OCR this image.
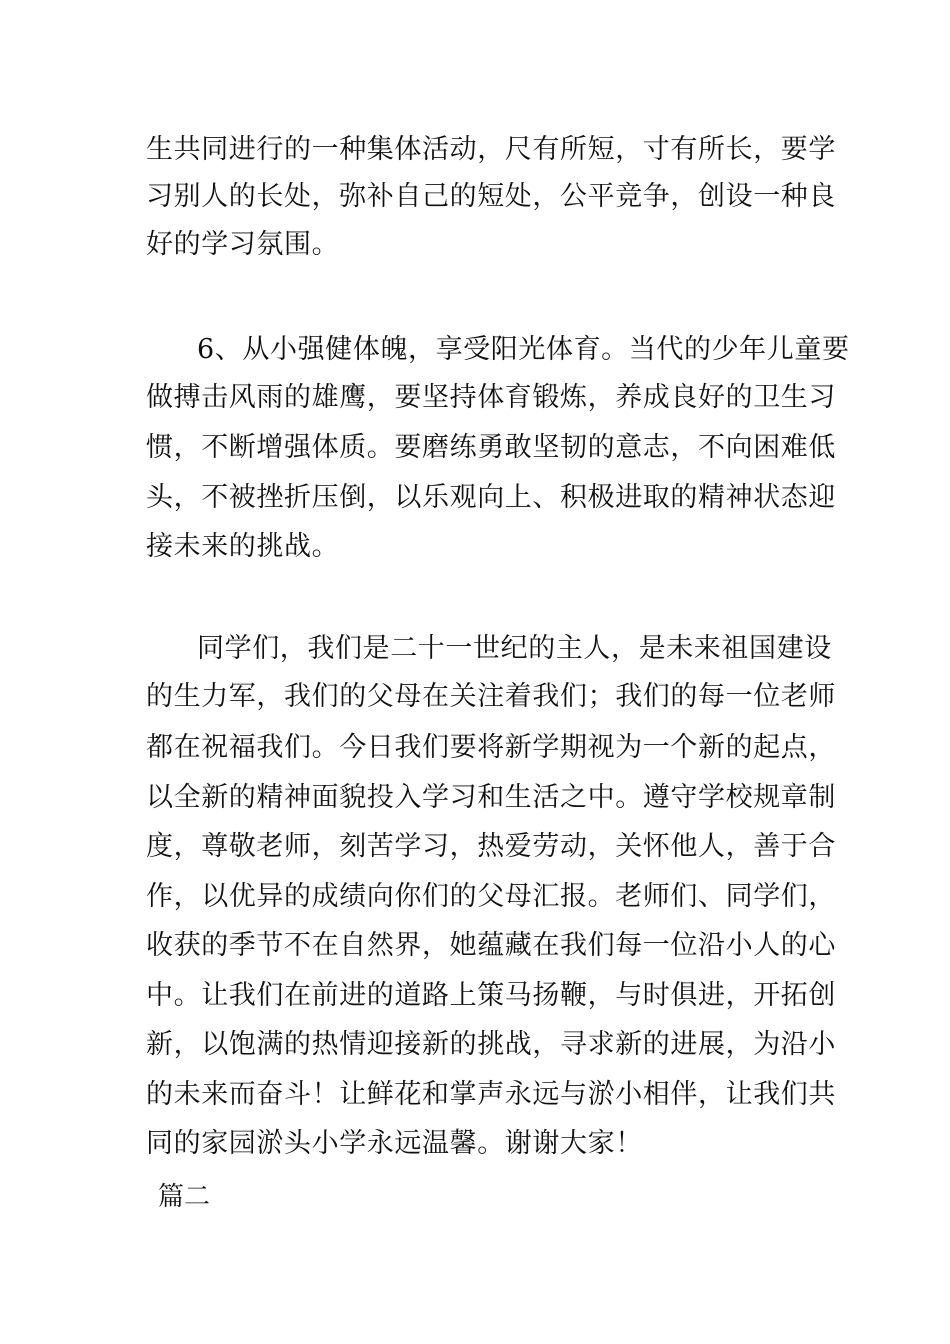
生共同进行的一种集体活动，尺有所短，寸有所长，要学
习别人的长处，弥补自己的短处，公平竞争，创设一种良
好的学习氛围。
6、从小强健体魄，享受阳光体育。当代的少年儿童要
做搏击风雨的雄鹰，要坚持体育锻炼，养成良好的卫生习
惯，不断增强体质。要磨练勇敢坚韧的意志，不向困难低
头，不被挫折压倒，以乐观向上、积极进取的精神状态迎
接未来的挑战。
同学们，我们是二十一世纪的主人，是未来祖国建设
的生力军，我们的父母在关注着我们；我们的每一位老师
都在祝福我们。今日我们要将新学期视为一个新的起点，
以全新的精神面貌投入学习和生活之中。遵守学校规章制
度，尊敬老师，刻苦学习，热爱劳动，关怀他人，善于合
作，以优异的成绩向你们的父母汇报。老师们、同学们，
收获的季节不在自然界，她蕴藏在我们每一位沿小人的心
中。让我们在前进的道路上策马扬鞭，与时俱进，开拓创
新，以饱满的热情迎接新的挑战，寻求新的进展，为沿小
的未来而奋斗！让鲜花和掌声永远与淤小相伴，让我们共
同的家园淤头小学永远温馨。谢谢大家！
篇二
